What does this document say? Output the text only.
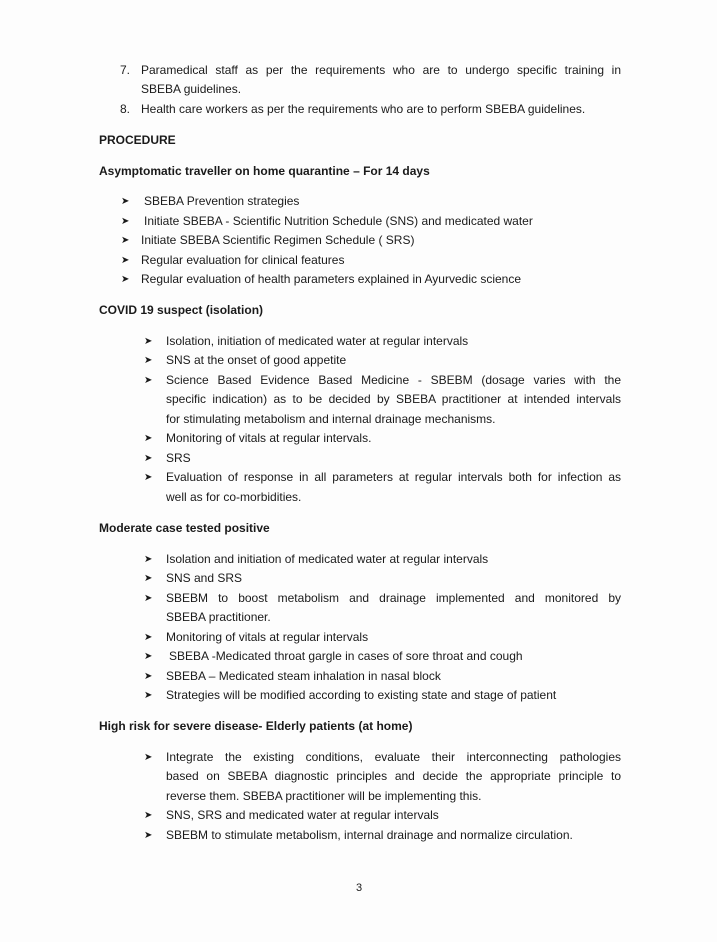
7. Paramedical staff as per the requirements who are to undergo specific training in
SBEBA guidelines.
8. Health care workers as per the requirements who are to perform SBEBA guidelines.
PROCEDURE
Asymptomatic traveller on home quarantine – For 14 days
➤ SBEBA Prevention strategies
➤ Initiate SBEBA - Scientific Nutrition Schedule (SNS) and medicated water
➤ Initiate SBEBA Scientific Regimen Schedule ( SRS)
➤ Regular evaluation for clinical features
➤ Regular evaluation of health parameters explained in Ayurvedic science
COVID 19 suspect (isolation)
➤ Isolation, initiation of medicated water at regular intervals
➤ SNS at the onset of good appetite
➤ Science Based Evidence Based Medicine - SBEBM (dosage varies with the
specific indication) as to be decided by SBEBA practitioner at intended intervals
for stimulating metabolism and internal drainage mechanisms.
➤ Monitoring of vitals at regular intervals.
➤ SRS
➤ Evaluation of response in all parameters at regular intervals both for infection as
well as for co-morbidities.
Moderate case tested positive
➤ Isolation and initiation of medicated water at regular intervals
➤ SNS and SRS
➤ SBEBM to boost metabolism and drainage implemented and monitored by
SBEBA practitioner.
➤ Monitoring of vitals at regular intervals
➤ SBEBA -Medicated throat gargle in cases of sore throat and cough
➤ SBEBA – Medicated steam inhalation in nasal block
➤ Strategies will be modified according to existing state and stage of patient
High risk for severe disease- Elderly patients (at home)
➤ Integrate the existing conditions, evaluate their interconnecting pathologies
based on SBEBA diagnostic principles and decide the appropriate principle to
reverse them. SBEBA practitioner will be implementing this.
➤ SNS, SRS and medicated water at regular intervals
➤ SBEBM to stimulate metabolism, internal drainage and normalize circulation.
3
